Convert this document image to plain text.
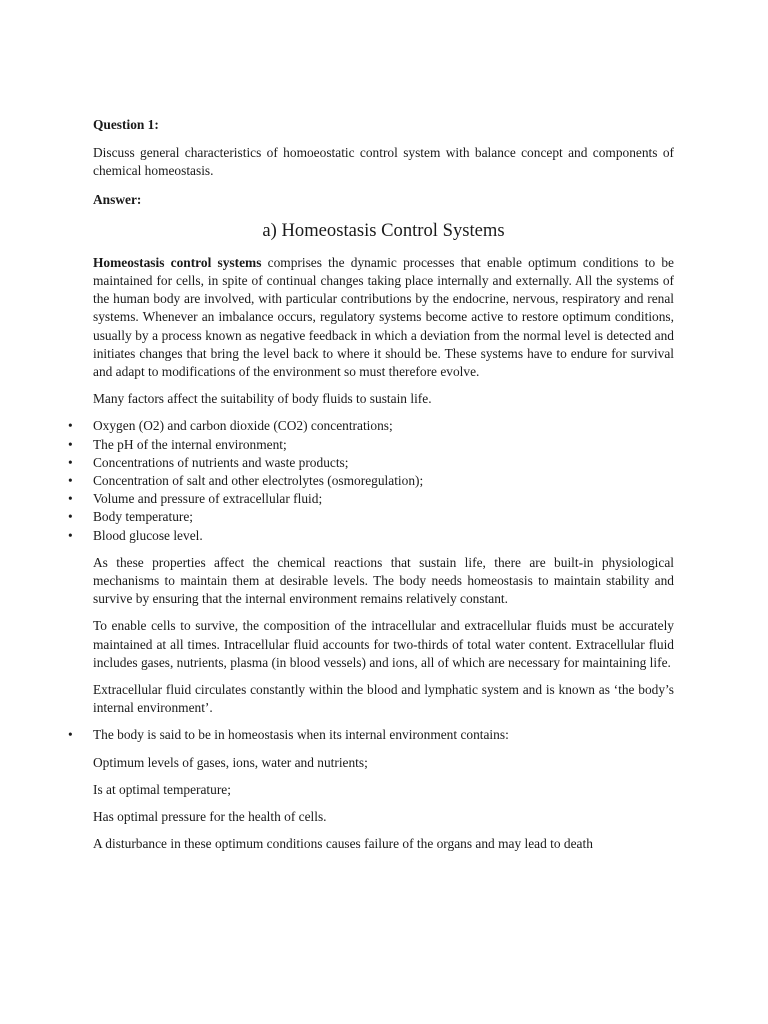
Question 1:

Discuss general characteristics of homoeostatic control system with balance concept and components of chemical homeostasis.

Answer:

a) Homeostasis Control Systems

Homeostasis control systems comprises the dynamic processes that enable optimum conditions to be maintained for cells, in spite of continual changes taking place internally and externally. All the systems of the human body are involved, with particular contributions by the endocrine, nervous, respiratory and renal systems. Whenever an imbalance occurs, regulatory systems become active to restore optimum conditions, usually by a process known as negative feedback in which a deviation from the normal level is detected and initiates changes that bring the level back to where it should be. These systems have to endure for survival and adapt to modifications of the environment so must therefore evolve.

Many factors affect the suitability of body fluids to sustain life.

•	Oxygen (O2) and carbon dioxide (CO2) concentrations;
•	The pH of the internal environment;
•	Concentrations of nutrients and waste products;
•	Concentration of salt and other electrolytes (osmoregulation);
•	Volume and pressure of extracellular fluid;
•	Body temperature;
•	Blood glucose level.

As these properties affect the chemical reactions that sustain life, there are built-in physiological mechanisms to maintain them at desirable levels. The body needs homeostasis to maintain stability and survive by ensuring that the internal environment remains relatively constant.

To enable cells to survive, the composition of the intracellular and extracellular fluids must be accurately maintained at all times. Intracellular fluid accounts for two-thirds of total water content. Extracellular fluid includes gases, nutrients, plasma (in blood vessels) and ions, all of which are necessary for maintaining life.

Extracellular fluid circulates constantly within the blood and lymphatic system and is known as ‘the body’s internal environment’.

•	The body is said to be in homeostasis when its internal environment contains:

Optimum levels of gases, ions, water and nutrients;

Is at optimal temperature;

Has optimal pressure for the health of cells.

A disturbance in these optimum conditions causes failure of the organs and may lead to death
